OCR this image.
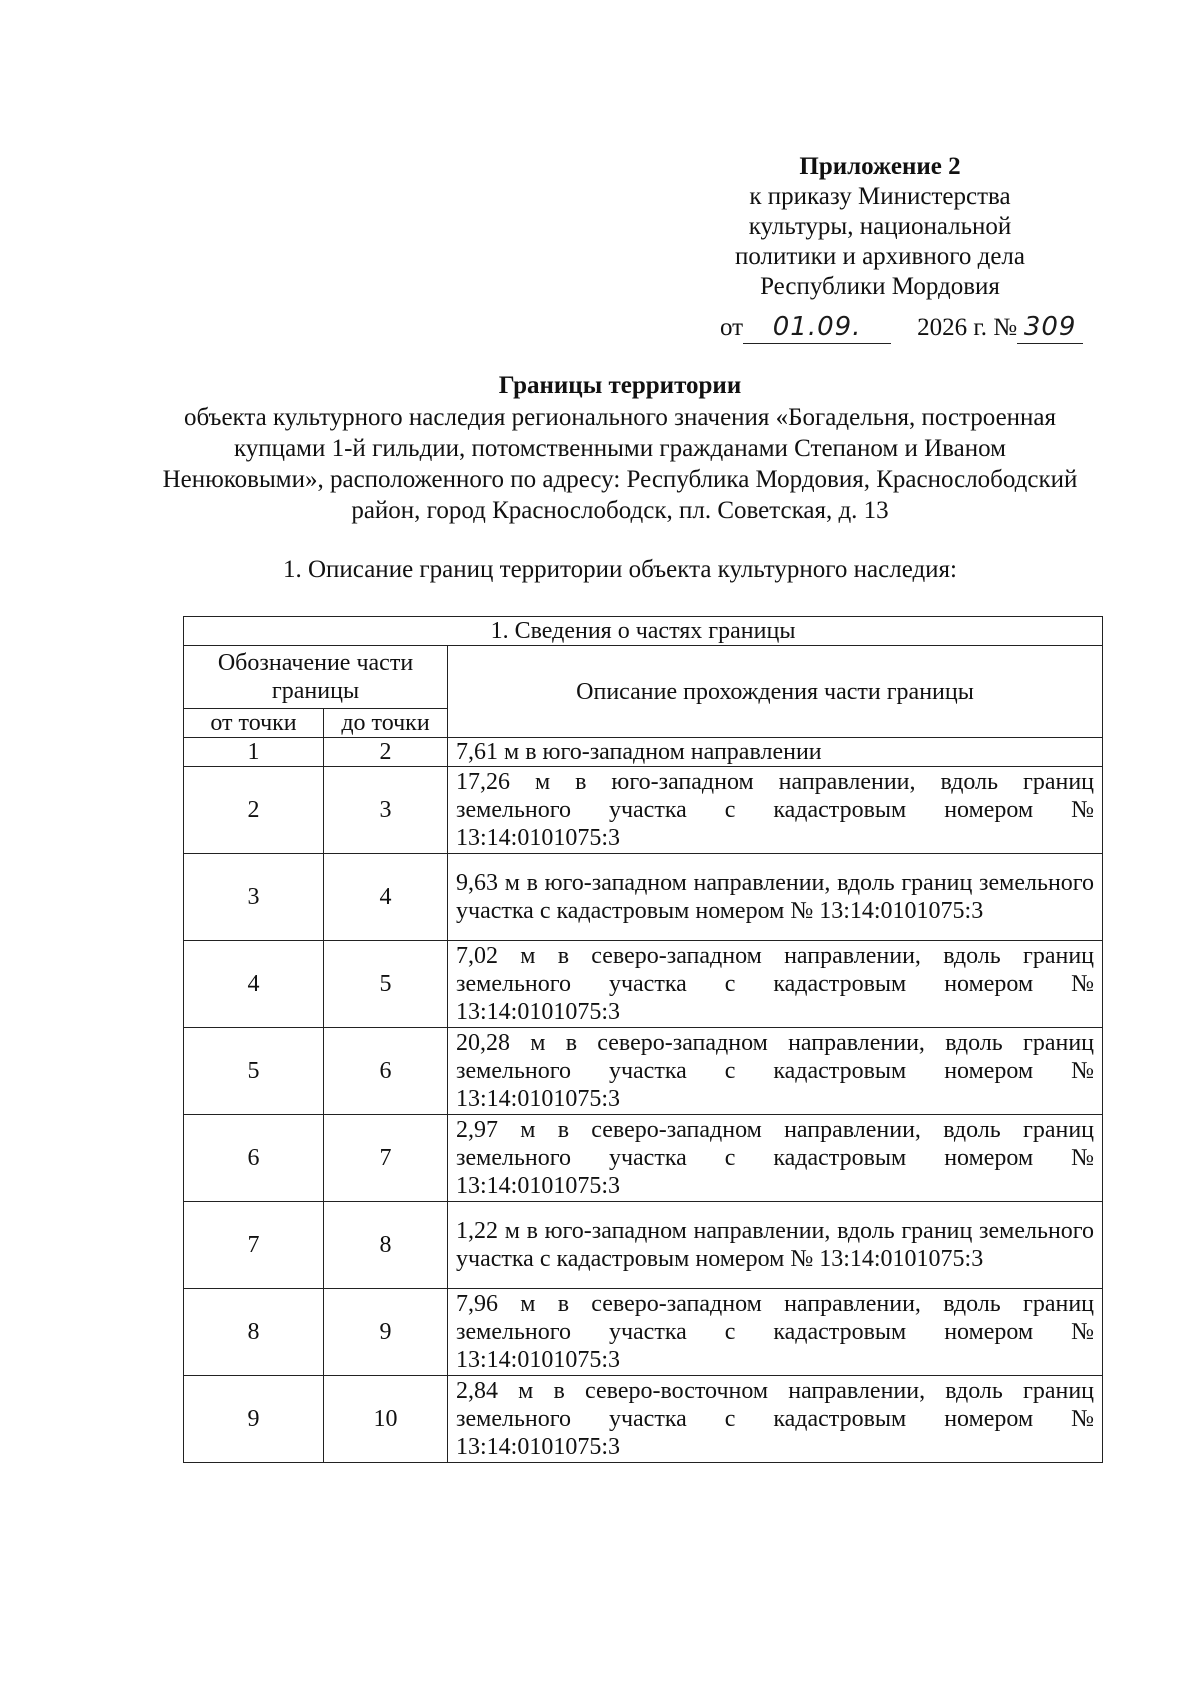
Приложение 2
к приказу Министерства
культуры, национальной
политики и архивного дела
Республики Мордовия
от 01.09. 2026 г. № 309
Границы территории
объекта культурного наследия регионального значения «Богадельня, построенная купцами 1-й гильдии, потомственными гражданами Степаном и Иваном Ненюковыми», расположенного по адресу: Республика Мордовия, Краснослободский район, город Краснослободск, пл. Советская, д. 13
1. Описание границ территории объекта культурного наследия:
1. Сведения о частях границы		
Обозначение части границы		Описание прохождения части границы
от точки	до точки	
1	2	7,61 м в юго-западном направлении
2	3	17,26 м в юго-западном направлении, вдоль границ земельного участка с кадастровым номером № 13:14:0101075:3
3	4	9,63 м в юго-западном направлении, вдоль границ земельного участка с кадастровым номером № 13:14:0101075:3
4	5	7,02 м в северо-западном направлении, вдоль границ земельного участка с кадастровым номером № 13:14:0101075:3
5	6	20,28 м в северо-западном направлении, вдоль границ земельного участка с кадастровым номером № 13:14:0101075:3
6	7	2,97 м в северо-западном направлении, вдоль границ земельного участка с кадастровым номером № 13:14:0101075:3
7	8	1,22 м в юго-западном направлении, вдоль границ земельного участка с кадастровым номером № 13:14:0101075:3
8	9	7,96 м в северо-западном направлении, вдоль границ земельного участка с кадастровым номером № 13:14:0101075:3
9	10	2,84 м в северо-восточном направлении, вдоль границ земельного участка с кадастровым номером № 13:14:0101075:3
